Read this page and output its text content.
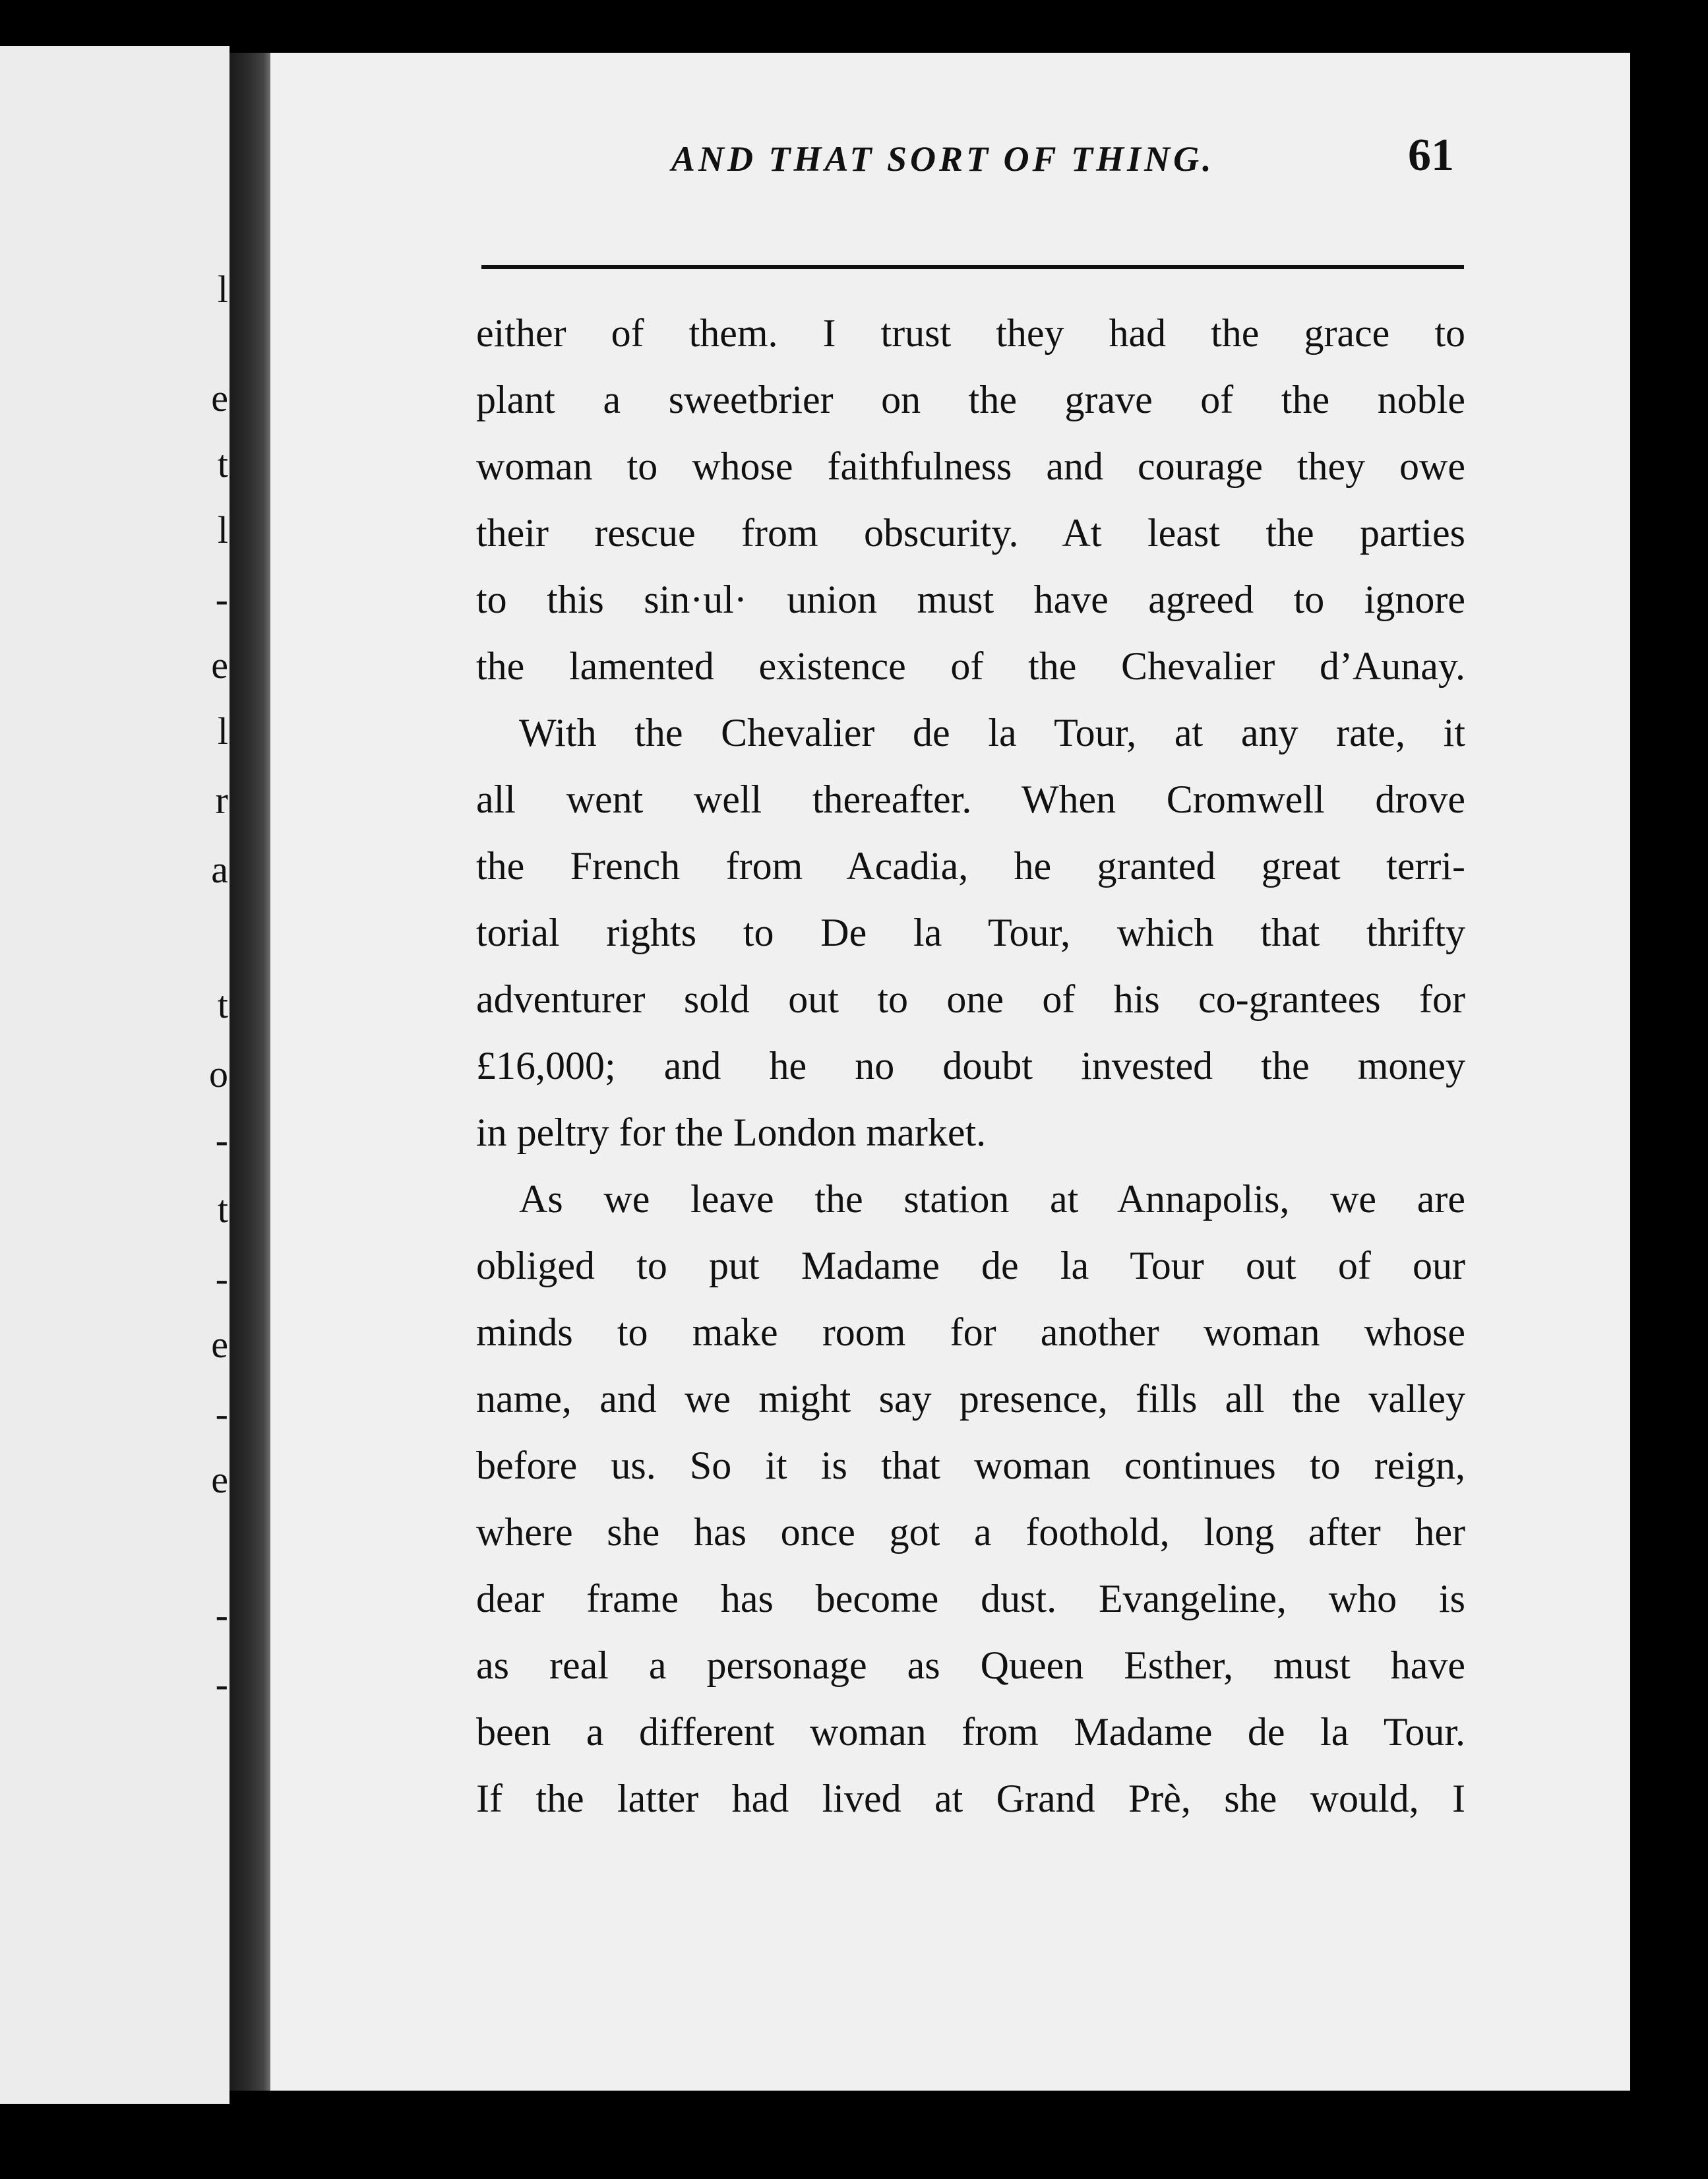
l
e
t
l
-
e
l
r
a
t
o
-
t
-
e
-
e
-
-
AND THAT SORT OF THING.	61
either of them. I trust they had the grace to
plant a sweetbrier on the grave of the noble
woman to whose faithfulness and courage they owe
their rescue from obscurity. At least the parties
to this sin·ul· union must have agreed to ignore
the lamented existence of the Chevalier d’Aunay.
With the Chevalier de la Tour, at any rate, it
all went well thereafter. When Cromwell drove
the French from Acadia, he granted great terri-
torial rights to De la Tour, which that thrifty
adventurer sold out to one of his co-grantees for
£16,000; and he no doubt invested the money
in peltry for the London market.
As we leave the station at Annapolis, we are
obliged to put Madame de la Tour out of our
minds to make room for another woman whose
name, and we might say presence, fills all the valley
before us. So it is that woman continues to reign,
where she has once got a foothold, long after her
dear frame has become dust. Evangeline, who is
as real a personage as Queen Esther, must have
been a different woman from Madame de la Tour.
If the latter had lived at Grand Prè, she would, I
